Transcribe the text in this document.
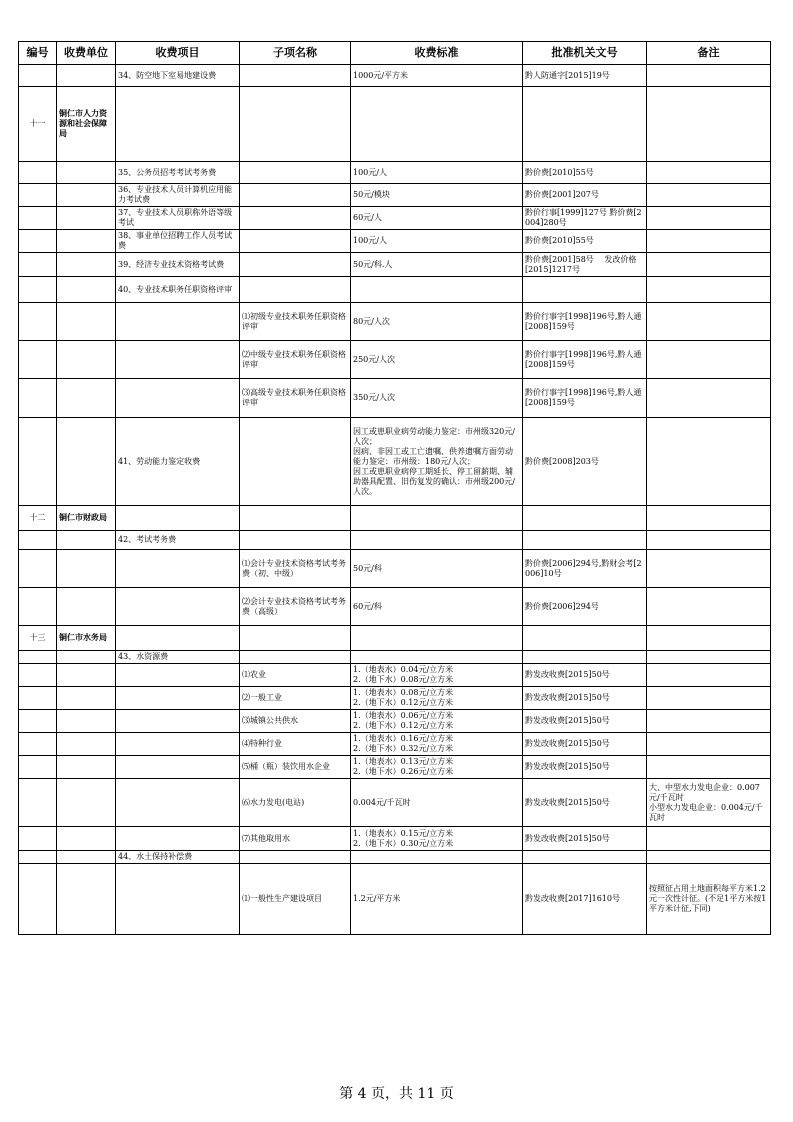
编号	收费单位	收费项目	子项名称	收费标准	批准机关文号	备注
		34、防空地下室易地建设费		1000元/平方米	黔人防通字[2015]19号	
十一	铜仁市人力资源和社会保障局					
		35、公务员招考考试考务费		100元/人	黔价费[2010]55号	
		36、专业技术人员计算机应用能力考试费		50元/模块	黔价费[2001]207号	
		37、专业技术人员职称外语等级考试		60元/人	黔价行事[1999]127号 黔价费[2004]280号	
		38、事业单位招聘工作人员考试费		100元/人	黔价费[2010]55号	
		39、经济专业技术资格考试费		50元/科.人	黔价费[2001]58号　 发改价格[2015]1217号	
		40、专业技术职务任职资格评审				
			⑴初级专业技术职务任职资格评审	80元/人次	黔价行事字[1998]196号,黔人通[2008]159号	
			⑵中级专业技术职务任职资格评审	250元/人次	黔价行事字[1998]196号,黔人通[2008]159号	
			⑶高级专业技术职务任职资格评审	350元/人次	黔价行事字[1998]196号,黔人通[2008]159号	
		41、劳动能力鉴定收费		因工或患职业病劳动能力鉴定：市州级320元/人次；
因病、非因工或工亡遗嘱、供养遗嘱方面劳动能力鉴定：市州级：180元/人次；
因工或患职业病停工期延长、停工留薪期、辅助器具配置、旧伤复发的确认：市州级200元/人次。	黔价费[2008]203号	
十二	铜仁市财政局					
		42、考试考务费				
			⑴会计专业技术资格考试考务费（初、中级）	50元/科	黔价费[2006]294号,黔财会考[2006]10号	
			⑵会计专业技术资格考试考务费（高级）	60元/科	黔价费[2006]294号	
十三	铜仁市水务局					
		43、水资源费				
			⑴农业	1.（地表水）0.04元/立方米
2.（地下水）0.08元/立方米	黔发改收费[2015]50号	
			⑵一般工业	1.（地表水）0.08元/立方米
2.（地下水）0.12元/立方米	黔发改收费[2015]50号	
			⑶城镇公共供水	1.（地表水）0.06元/立方米
2.（地下水）0.12元/立方米	黔发改收费[2015]50号	
			⑷特种行业	1.（地表水）0.16元/立方米
2.（地下水）0.32元/立方米	黔发改收费[2015]50号	
			⑸桶（瓶）装饮用水企业	1.（地表水）0.13元/立方米
2.（地下水）0.26元/立方米	黔发改收费[2015]50号	
			⑹水力发电(电站)	0.004元/千瓦时	黔发改收费[2015]50号	大、中型水力发电企业：0.007元/千瓦时
小型水力发电企业：0.004元/千瓦时
			⑺其他取用水	1.（地表水）0.15元/立方米
2.（地下水）0.30元/立方米	黔发改收费[2015]50号	
		44、水土保持补偿费				
			⑴一般性生产建设项目	1.2元/平方米	黔发改收费[2017]1610号	按照征占用土地面积每平方米1.2元一次性计征。(不足1平方米按1平方米计征,下同)
第 4 页，共 11 页
